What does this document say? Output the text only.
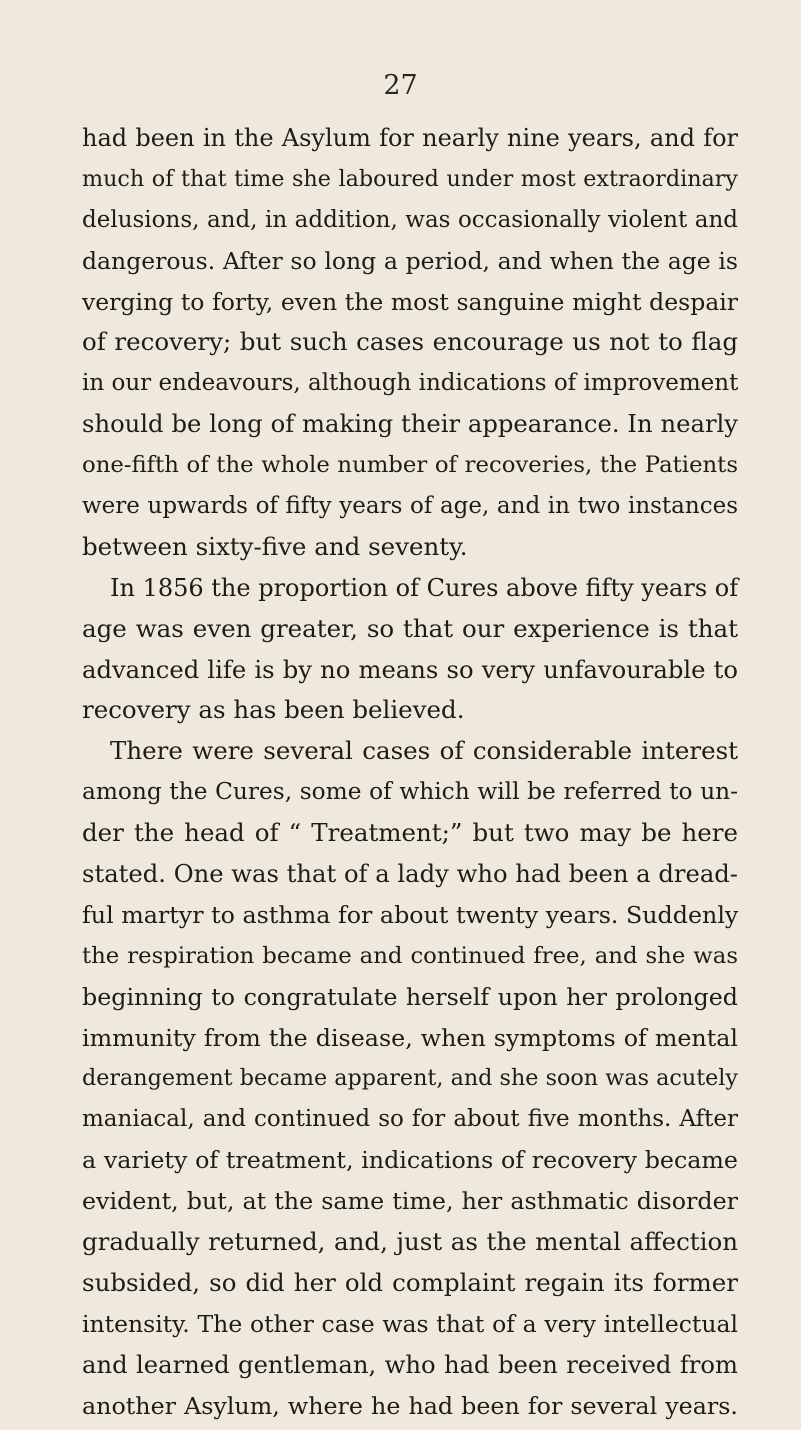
27
had been in the Asylum for nearly nine years, and for
much of that time she laboured under most extraordinary
delusions, and, in addition, was occasionally violent and
dangerous. After so long a period, and when the age is
verging to forty, even the most sanguine might despair
of recovery; but such cases encourage us not to flag
in our endeavours, although indications of improvement
should be long of making their appearance. In nearly
one-fifth of the whole number of recoveries, the Patients
were upwards of fifty years of age, and in two instances
between sixty-five and seventy.
In 1856 the proportion of Cures above fifty years of
age was even greater, so that our experience is that
advanced life is by no means so very unfavourable to
recovery as has been believed.
There were several cases of considerable interest
among the Cures, some of which will be referred to un-
der the head of “ Treatment;” but two may be here
stated. One was that of a lady who had been a dread-
ful martyr to asthma for about twenty years. Suddenly
the respiration became and continued free, and she was
beginning to congratulate herself upon her prolonged
immunity from the disease, when symptoms of mental
derangement became apparent, and she soon was acutely
maniacal, and continued so for about five months. After
a variety of treatment, indications of recovery became
evident, but, at the same time, her asthmatic disorder
gradually returned, and, just as the mental affection
subsided, so did her old complaint regain its former
intensity. The other case was that of a very intellectual
and learned gentleman, who had been received from
another Asylum, where he had been for several years.
